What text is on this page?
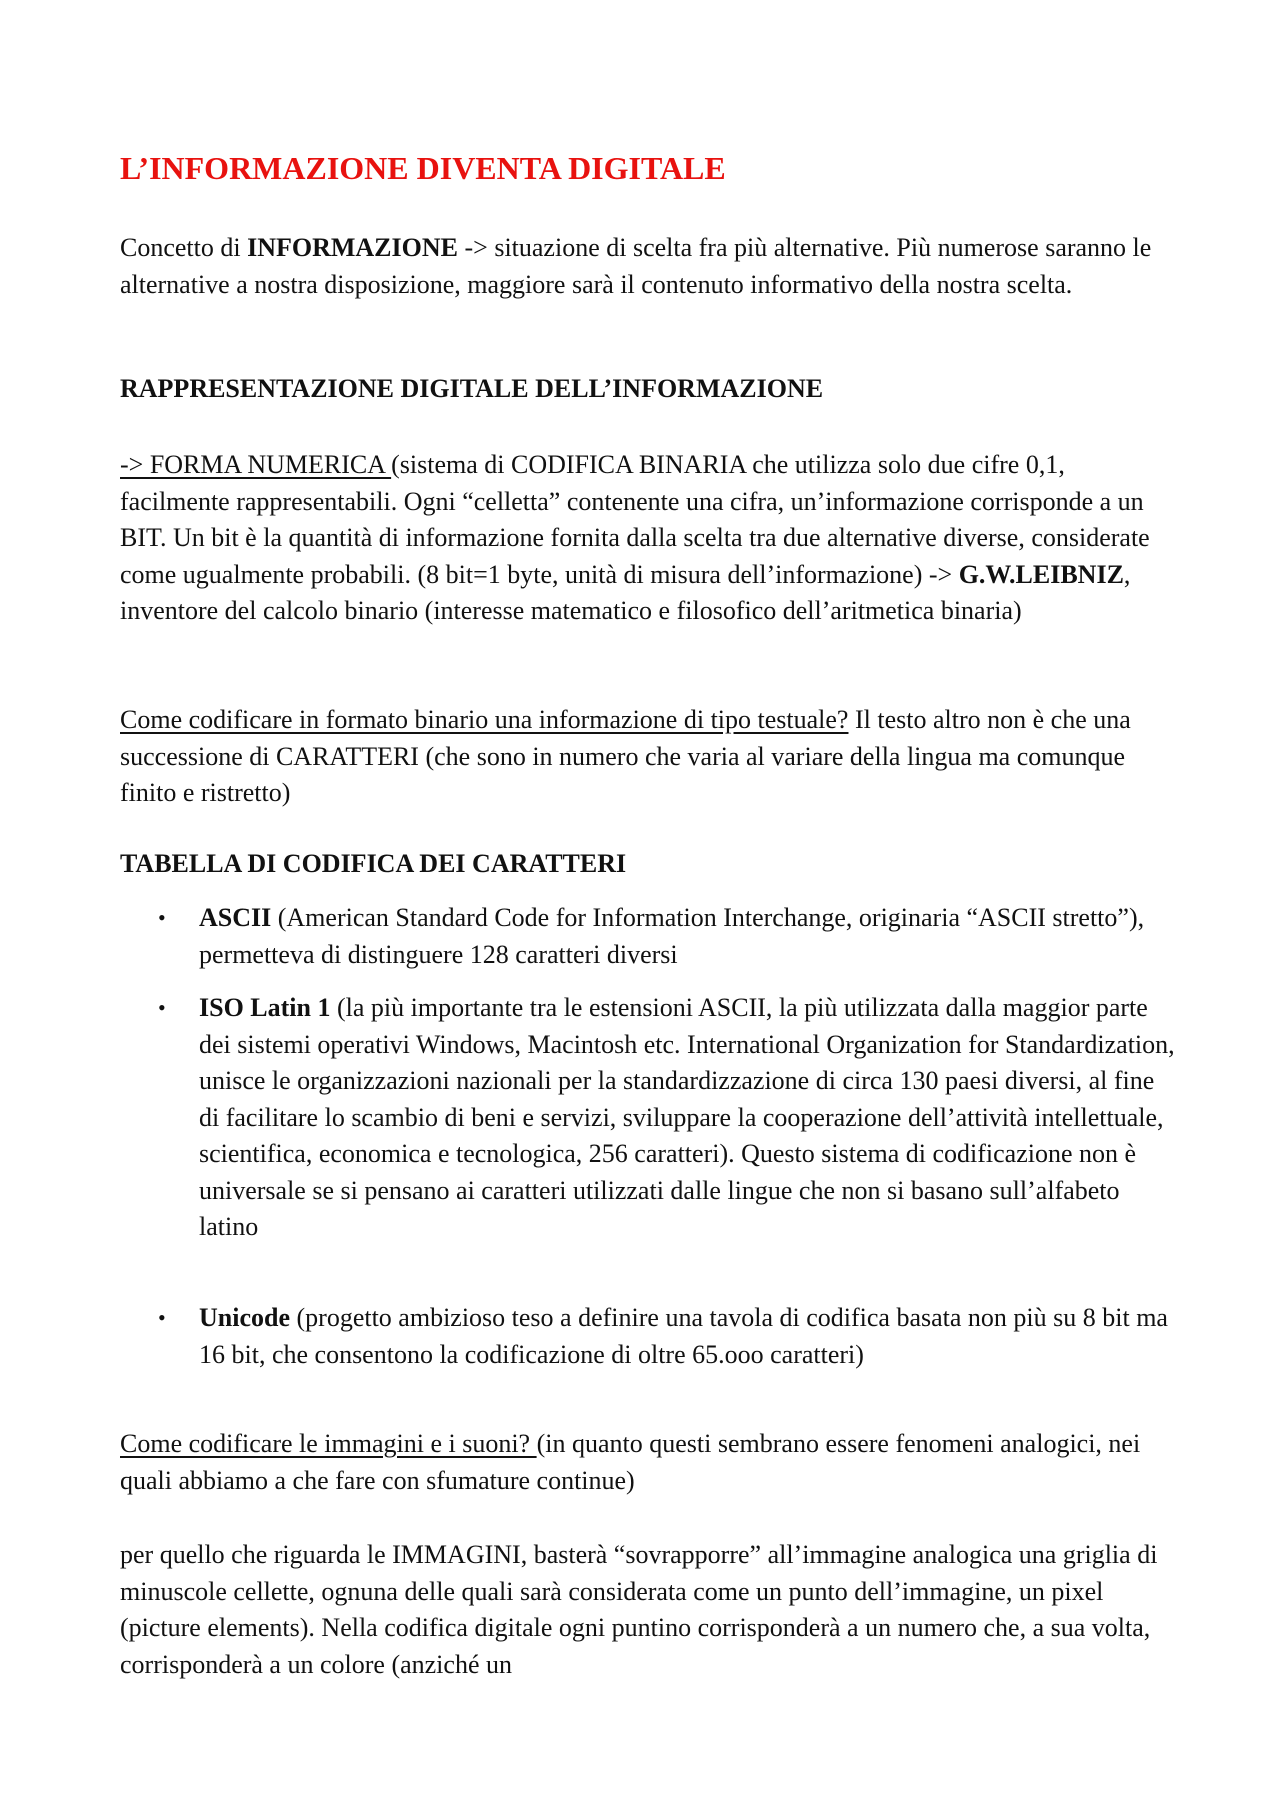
L’INFORMAZIONE DIVENTA DIGITALE

Concetto di INFORMAZIONE -> situazione di scelta fra più alternative. Più numerose saranno le alternative a nostra disposizione, maggiore sarà il contenuto informativo della nostra scelta.

RAPPRESENTAZIONE DIGITALE DELL’INFORMAZIONE

-> FORMA NUMERICA (sistema di CODIFICA BINARIA che utilizza solo due cifre 0,1, facilmente rappresentabili. Ogni “celletta” contenente una cifra, un’informazione corrisponde a un BIT. Un bit è la quantità di informazione fornita dalla scelta tra due alternative diverse, considerate come ugualmente probabili. (8 bit=1 byte, unità di misura dell’informazione) -> G.W.LEIBNIZ, inventore del calcolo binario (interesse matematico e filosofico dell’aritmetica binaria)

Come codificare in formato binario una informazione di tipo testuale? Il testo altro non è che una successione di CARATTERI (che sono in numero che varia al variare della lingua ma comunque finito e ristretto)

TABELLA DI CODIFICA DEI CARATTERI
• ASCII (American Standard Code for Information Interchange, originaria “ASCII stretto”), permetteva di distinguere 128 caratteri diversi
• ISO Latin 1 (la più importante tra le estensioni ASCII, la più utilizzata dalla maggior parte dei sistemi operativi Windows, Macintosh etc. International Organization for Standardization, unisce le organizzazioni nazionali per la standardizzazione di circa 130 paesi diversi, al fine di facilitare lo scambio di beni e servizi, sviluppare la cooperazione dell’attività intellettuale, scientifica, economica e tecnologica, 256 caratteri). Questo sistema di codificazione non è universale se si pensano ai caratteri utilizzati dalle lingue che non si basano sull’alfabeto latino
• Unicode (progetto ambizioso teso a definire una tavola di codifica basata non più su 8 bit ma 16 bit, che consentono la codificazione di oltre 65.ooo caratteri)

Come codificare le immagini e i suoni? (in quanto questi sembrano essere fenomeni analogici, nei quali abbiamo a che fare con sfumature continue)

per quello che riguarda le IMMAGINI, basterà “sovrapporre” all’immagine analogica una griglia di minuscole cellette, ognuna delle quali sarà considerata come un punto dell’immagine, un pixel (picture elements). Nella codifica digitale ogni puntino corrisponderà a un numero che, a sua volta, corrisponderà a un colore (anziché un
